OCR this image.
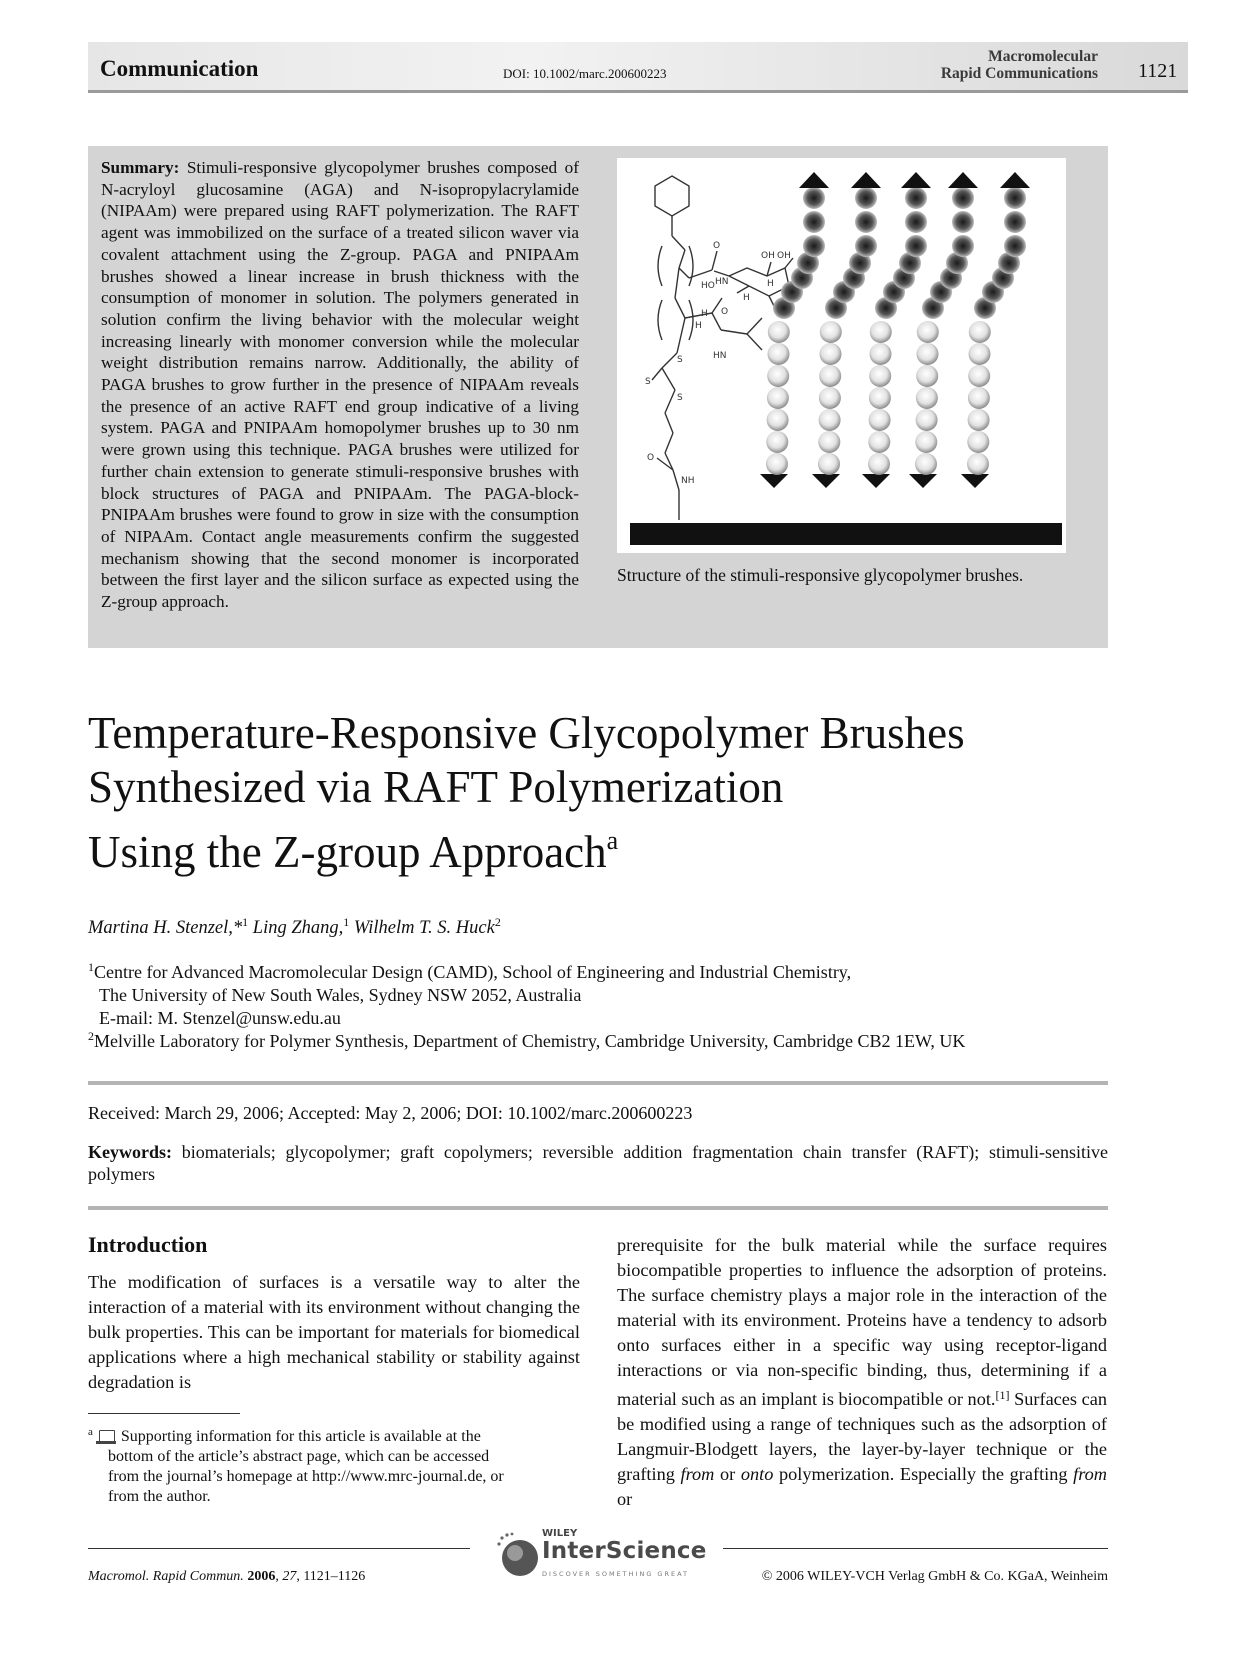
Communication	DOI: 10.1002/marc.200600223
Macromolecular
Rapid Communications 1121
Summary: Stimuli-responsive glycopolymer brushes composed of N-acryloyl glucosamine (AGA) and N-isopropylacrylamide (NIPAAm) were prepared using RAFT polymerization. The RAFT agent was immobilized on the surface of a treated silicon waver via covalent attachment using the Z-group. PAGA and PNIPAAm brushes showed a linear increase in brush thickness with the consumption of monomer in solution. The polymers generated in solution confirm the living behavior with the molecular weight increasing linearly with monomer conversion while the molecular weight distribution remains narrow. Additionally, the ability of PAGA brushes to grow further in the presence of NIPAAm reveals the presence of an active RAFT end group indicative of a living system. PAGA and PNIPAAm homopolymer brushes up to 30 nm were grown using this technique. PAGA brushes were utilized for further chain extension to generate stimuli-responsive brushes with block structures of PAGA and PNIPAAm. The PAGA-block-PNIPAAm brushes were found to grow in size with the consumption of NIPAAm. Contact angle measurements confirm the suggested mechanism showing that the second monomer is incorporated between the first layer and the silicon surface as expected using the Z-group approach.
O
HN
OH OH
HO	H
H
O
H
H
HN
S
S
S
O
NH
Structure of the stimuli-responsive glycopolymer brushes.
Temperature-Responsive Glycopolymer Brushes
Synthesized via RAFT Polymerization
Using the Z-group Approach$^a$
Martina H. Stenzel,*$^1$ Ling Zhang,$^1$ Wilhelm T. S. Huck$^2$
$^1$Centre for Advanced Macromolecular Design (CAMD), School of Engineering and Industrial Chemistry,
The University of New South Wales, Sydney NSW 2052, Australia
E-mail: M. Stenzel@unsw.edu.au
$^2$Melville Laboratory for Polymer Synthesis, Department of Chemistry, Cambridge University, Cambridge CB2 1EW, UK
Received: March 29, 2006; Accepted: May 2, 2006; DOI: 10.1002/marc.200600223
Keywords: biomaterials; glycopolymer; graft copolymers; reversible addition fragmentation chain transfer (RAFT); stimuli-sensitive polymers
Introduction
The modification of surfaces is a versatile way to alter the interaction of a material with its environment without changing the bulk properties. This can be important for materials for biomedical applications where a high mechanical stability or stability against degradation is
prerequisite for the bulk material while the surface requires biocompatible properties to influence the adsorption of proteins. The surface chemistry plays a major role in the interaction of the material with its environment. Proteins have a tendency to adsorb onto surfaces either in a specific way using receptor-ligand interactions or via non-specific binding, thus, determining if a material such as an implant is biocompatible or not.[1] Surfaces can be modified using a range of techniques such as the adsorption of Langmuir-Blodgett layers, the layer-by-layer technique or the grafting from or onto polymerization. Especially the grafting from or
$^a$ Supporting information for this article is available at the
bottom of the article’s abstract page, which can be accessed
from the journal’s homepage at http://www.mrc-journal.de, or
from the author.
WILEY
InterScience
DISCOVER SOMETHING GREAT
Macromol. Rapid Commun. 2006, 27, 1121–1126	© 2006 WILEY-VCH Verlag GmbH & Co. KGaA, Weinheim
